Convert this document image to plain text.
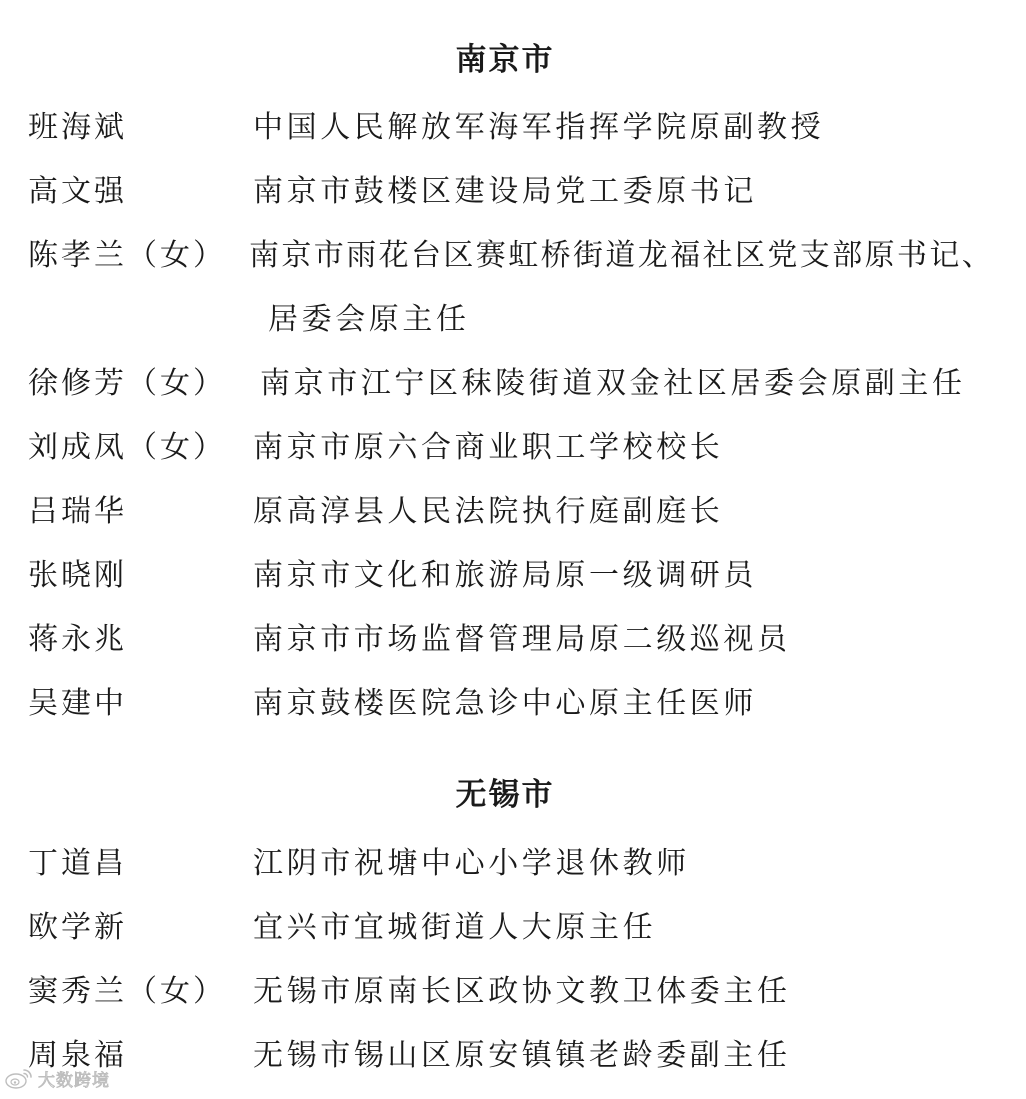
南京市
班海斌	中国人民解放军海军指挥学院原副教授
高文强	南京市鼓楼区建设局党工委原书记
陈孝兰（女） 南京市雨花台区赛虹桥街道龙福社区党支部原书记、
居委会原主任
徐修芳（女） 南京市江宁区秣陵街道双金社区居委会原副主任
刘成凤（女） 南京市原六合商业职工学校校长
吕瑞华	原高淳县人民法院执行庭副庭长
张晓刚	南京市文化和旅游局原一级调研员
蒋永兆	南京市市场监督管理局原二级巡视员
吴建中	南京鼓楼医院急诊中心原主任医师
无锡市
丁道昌	江阴市祝塘中心小学退休教师
欧学新	宜兴市宜城街道人大原主任
窦秀兰（女） 无锡市原南长区政协文教卫体委主任
周泉福	无锡市锡山区原安镇镇老龄委副主任
大数跨境
